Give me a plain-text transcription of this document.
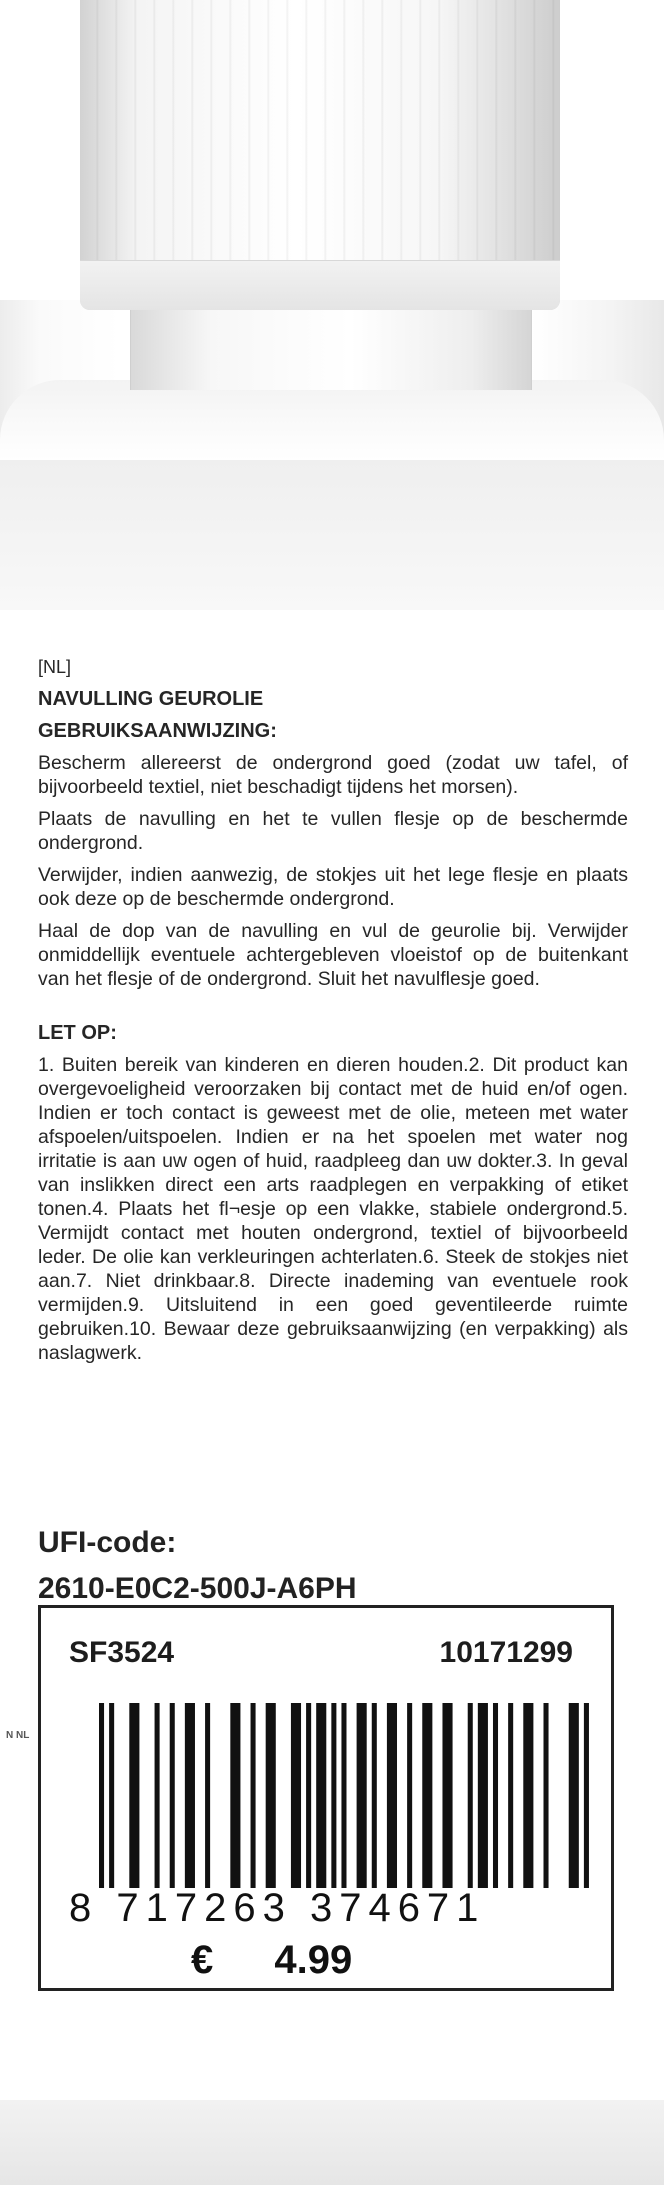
[NL]

NAVULLING GEUROLIE

GEBRUIKSAANWIJZING:

Bescherm allereerst de ondergrond goed (zodat uw tafel, of bijvoorbeeld textiel, niet beschadigt tijdens het morsen).

Plaats de navulling en het te vullen flesje op de beschermde ondergrond.

Verwijder, indien aanwezig, de stokjes uit het lege flesje en plaats ook deze op de beschermde ondergrond.

Haal de dop van de navulling en vul de geurolie bij. Verwijder onmiddellijk eventuele achtergebleven vloeistof op de buitenkant van het flesje of de ondergrond. Sluit het navulflesje goed.

LET OP:

1. Buiten bereik van kinderen en dieren houden.2. Dit product kan overgevoeligheid veroorzaken bij contact met de huid en/of ogen. Indien er toch contact is geweest met de olie, meteen met water afspoelen/uitspoelen. Indien er na het spoelen met water nog irritatie is aan uw ogen of huid, raadpleeg dan uw dokter.3. In geval van inslikken direct een arts raadplegen en verpakking of etiket tonen.4. Plaats het fl¬esje op een vlakke, stabiele ondergrond.5. Vermijdt contact met houten ondergrond, textiel of bijvoorbeeld leder. De olie kan verkleuringen achterlaten.6. Steek de stokjes niet aan.7. Niet drinkbaar.8. Directe inademing van eventuele rook vermijden.9. Uitsluitend in een goed geventileerde ruimte gebruiken.10. Bewaar deze gebruiksaanwijzing (en verpakking) als naslagwerk.

UFI-code:
2610-E0C2-500J-A6PH
N NL
SF3524	10171299
8 717263 374671
€ 4.99
